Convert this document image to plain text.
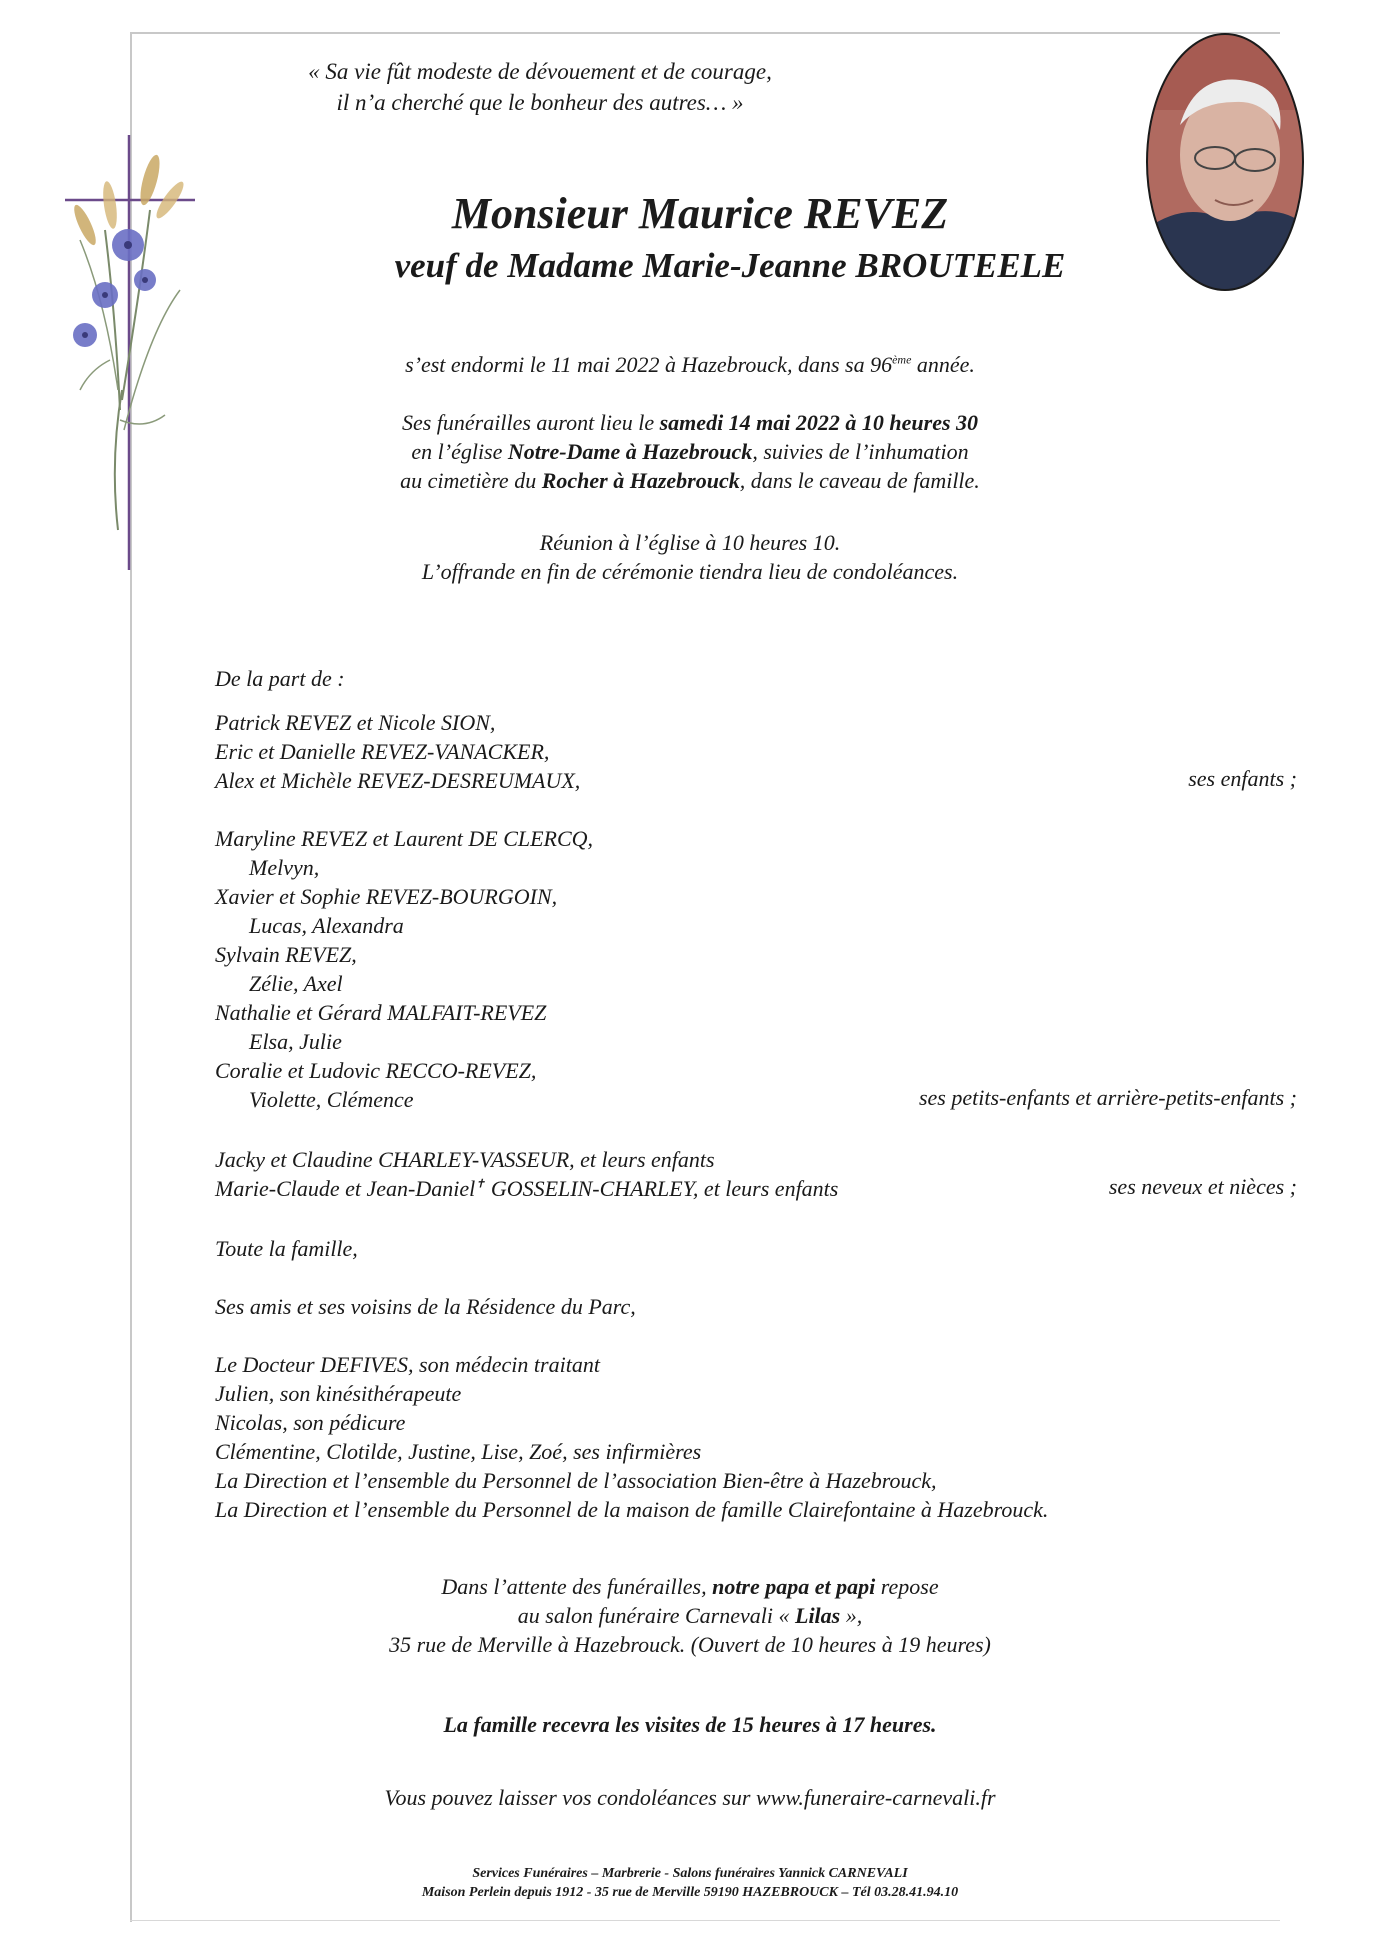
« Sa vie fût modeste de dévouement et de courage,
il n’a cherché que le bonheur des autres… »
Monsieur Maurice REVEZ
veuf de Madame Marie-Jeanne BROUTEELE
s’est endormi le 11 mai 2022 à Hazebrouck, dans sa 96ème année.
Ses funérailles auront lieu le samedi 14 mai 2022 à 10 heures 30
en l’église Notre-Dame à Hazebrouck, suivies de l’inhumation
au cimetière du Rocher à Hazebrouck, dans le caveau de famille.
Réunion à l’église à 10 heures 10.
L’offrande en fin de cérémonie tiendra lieu de condoléances.
De la part de :
Patrick REVEZ et Nicole SION,
Eric et Danielle REVEZ-VANACKER,
Alex et Michèle REVEZ-DESREUMAUX,	ses enfants ;
Maryline REVEZ et Laurent DE CLERCQ,
Melvyn,
Xavier et Sophie REVEZ-BOURGOIN,
Lucas, Alexandra
Sylvain REVEZ,
Zélie, Axel
Nathalie et Gérard MALFAIT-REVEZ
Elsa, Julie
Coralie et Ludovic RECCO-REVEZ,
Violette, Clémence	ses petits-enfants et arrière-petits-enfants ;
Jacky et Claudine CHARLEY-VASSEUR, et leurs enfants
Marie-Claude et Jean-Daniel✝ GOSSELIN-CHARLEY, et leurs enfants	ses neveux et nièces ;
Toute la famille,
Ses amis et ses voisins de la Résidence du Parc,
Le Docteur DEFIVES, son médecin traitant
Julien, son kinésithérapeute
Nicolas, son pédicure
Clémentine, Clotilde, Justine, Lise, Zoé, ses infirmières
La Direction et l’ensemble du Personnel de l’association Bien-être à Hazebrouck,
La Direction et l’ensemble du Personnel de la maison de famille Clairefontaine à Hazebrouck.
Dans l’attente des funérailles, notre papa et papi repose
au salon funéraire Carnevali « Lilas »,
35 rue de Merville à Hazebrouck. (Ouvert de 10 heures à 19 heures)
La famille recevra les visites de 15 heures à 17 heures.
Vous pouvez laisser vos condoléances sur www.funeraire-carnevali.fr
Services Funéraires – Marbrerie - Salons funéraires Yannick CARNEVALI
Maison Perlein depuis 1912 - 35 rue de Merville 59190 HAZEBROUCK – Tél 03.28.41.94.10
